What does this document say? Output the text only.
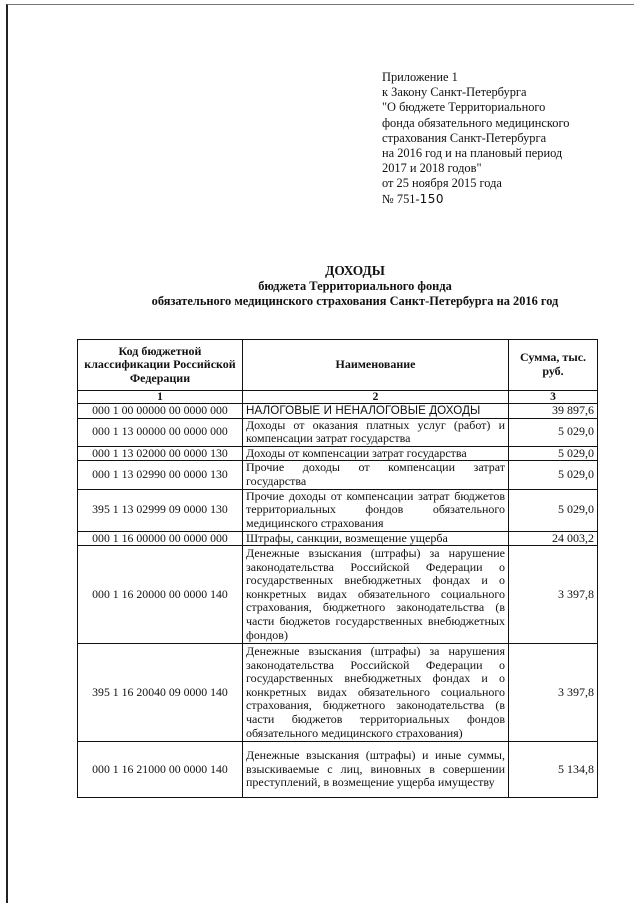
Приложение 1
к Закону Санкт-Петербурга
"О бюджете Территориального
фонда обязательного медицинского
страхования Санкт-Петербурга
на 2016 год и на плановый период
2017 и 2018 годов"
от 25 ноября 2015 года
№ 751-150
ДОХОДЫ
бюджета Территориального фонда
обязательного медицинского страхования Санкт-Петербурга на 2016 год
Код бюджетной классификации Российской Федерации	Наименование	Сумма, тыс. руб.
1	2	3
000 1 00 00000 00 0000 000	НАЛОГОВЫЕ И НЕНАЛОГОВЫЕ ДОХОДЫ	39 897,6
000 1 13 00000 00 0000 000	Доходы от оказания платных услуг (работ) и компенсации затрат государства	5 029,0
000 1 13 02000 00 0000 130	Доходы от компенсации затрат государства	5 029,0
000 1 13 02990 00 0000 130	Прочие доходы от компенсации затрат государства	5 029,0
395 1 13 02999 09 0000 130	Прочие доходы от компенсации затрат бюджетов территориальных фондов обязательного медицинского страхования	5 029,0
000 1 16 00000 00 0000 000	Штрафы, санкции, возмещение ущерба	24 003,2
000 1 16 20000 00 0000 140	Денежные взыскания (штрафы) за нарушение законодательства Российской Федерации о государственных внебюджетных фондах и о конкретных видах обязательного социального страхования, бюджетного законодательства (в части бюджетов государственных внебюджетных фондов)	3 397,8
395 1 16 20040 09 0000 140	Денежные взыскания (штрафы) за нарушения законодательства Российской Федерации о государственных внебюджетных фондах и о конкретных видах обязательного социального страхования, бюджетного законодательства (в части бюджетов территориальных фондов обязательного медицинского страхования)	3 397,8
000 1 16 21000 00 0000 140	Денежные взыскания (штрафы) и иные суммы, взыскиваемые с лиц, виновных в совершении преступлений, в возмещение ущерба имуществу	5 134,8
